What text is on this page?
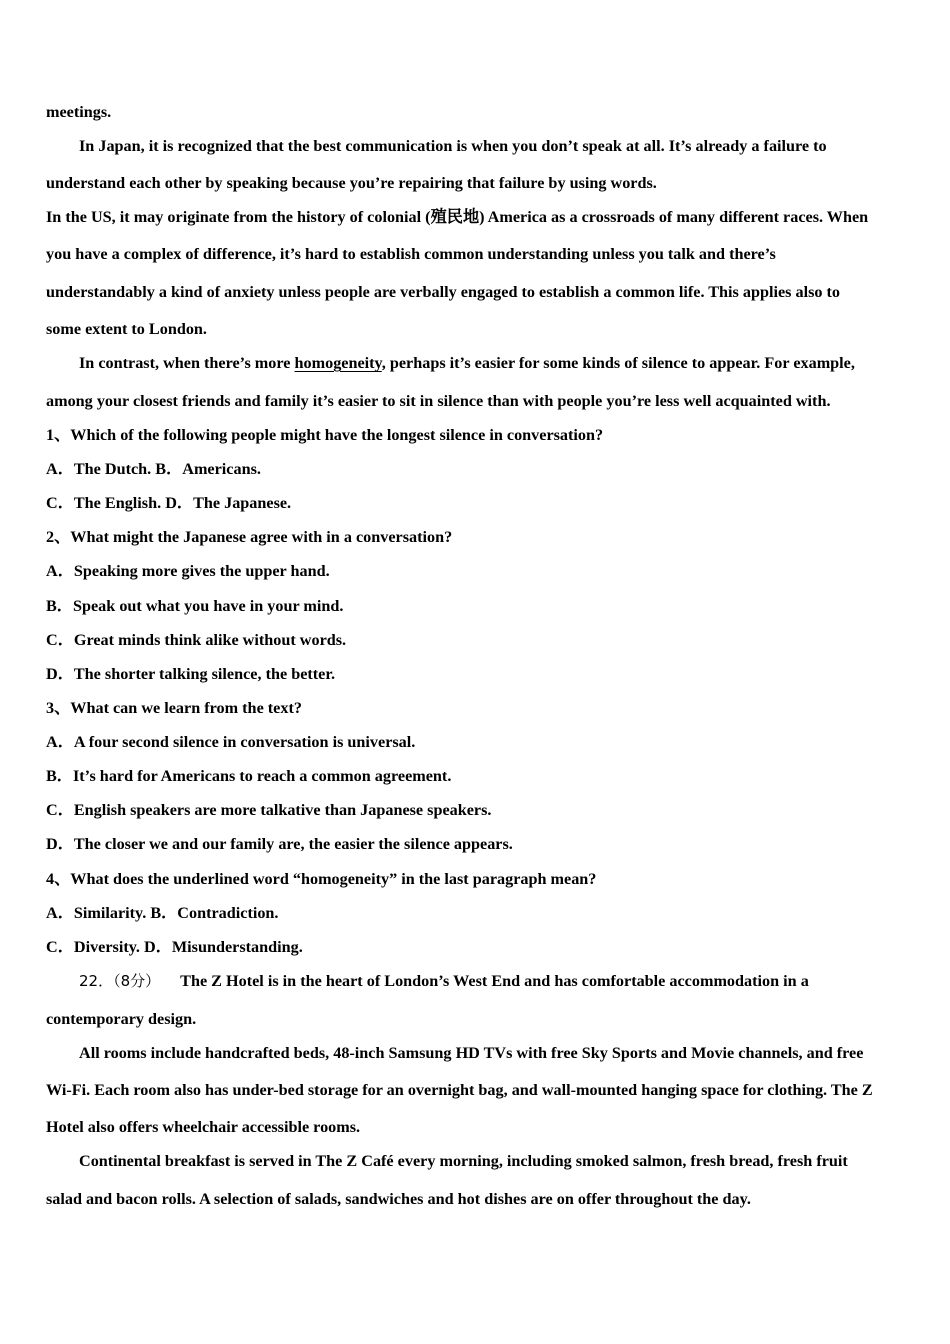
meetings.
In Japan, it is recognized that the best communication is when you don’t speak at all. It’s already a failure to
understand each other by speaking because you’re repairing that failure by using words.
In the US, it may originate from the history of colonial (殖民地) America as a crossroads of many different races. When
you have a complex of difference, it’s hard to establish common understanding unless you talk and there’s
understandably a kind of anxiety unless people are verbally engaged to establish a common life. This applies also to
some extent to London.
In contrast, when there’s more homogeneity, perhaps it’s easier for some kinds of silence to appear. For example,
among your closest friends and family it’s easier to sit in silence than with people you’re less well acquainted with.
1、Which of the following people might have the longest silence in conversation?
A．The Dutch. B．Americans.
C．The English. D．The Japanese.
2、What might the Japanese agree with in a conversation?
A．Speaking more gives the upper hand.
B．Speak out what you have in your mind.
C．Great minds think alike without words.
D．The shorter talking silence, the better.
3、What can we learn from the text?
A．A four second silence in conversation is universal.
B．It’s hard for Americans to reach a common agreement.
C．English speakers are more talkative than Japanese speakers.
D．The closer we and our family are, the easier the silence appears.
4、What does the underlined word “homogeneity” in the last paragraph mean?
A．Similarity. B．Contradiction.
C．Diversity. D．Misunderstanding.
22．（8分） The Z Hotel is in the heart of London’s West End and has comfortable accommodation in a
contemporary design.
All rooms include handcrafted beds, 48-inch Samsung HD TVs with free Sky Sports and Movie channels, and free
Wi-Fi. Each room also has under-bed storage for an overnight bag, and wall-mounted hanging space for clothing. The Z
Hotel also offers wheelchair accessible rooms.
Continental breakfast is served in The Z Café every morning, including smoked salmon, fresh bread, fresh fruit
salad and bacon rolls. A selection of salads, sandwiches and hot dishes are on offer throughout the day.
